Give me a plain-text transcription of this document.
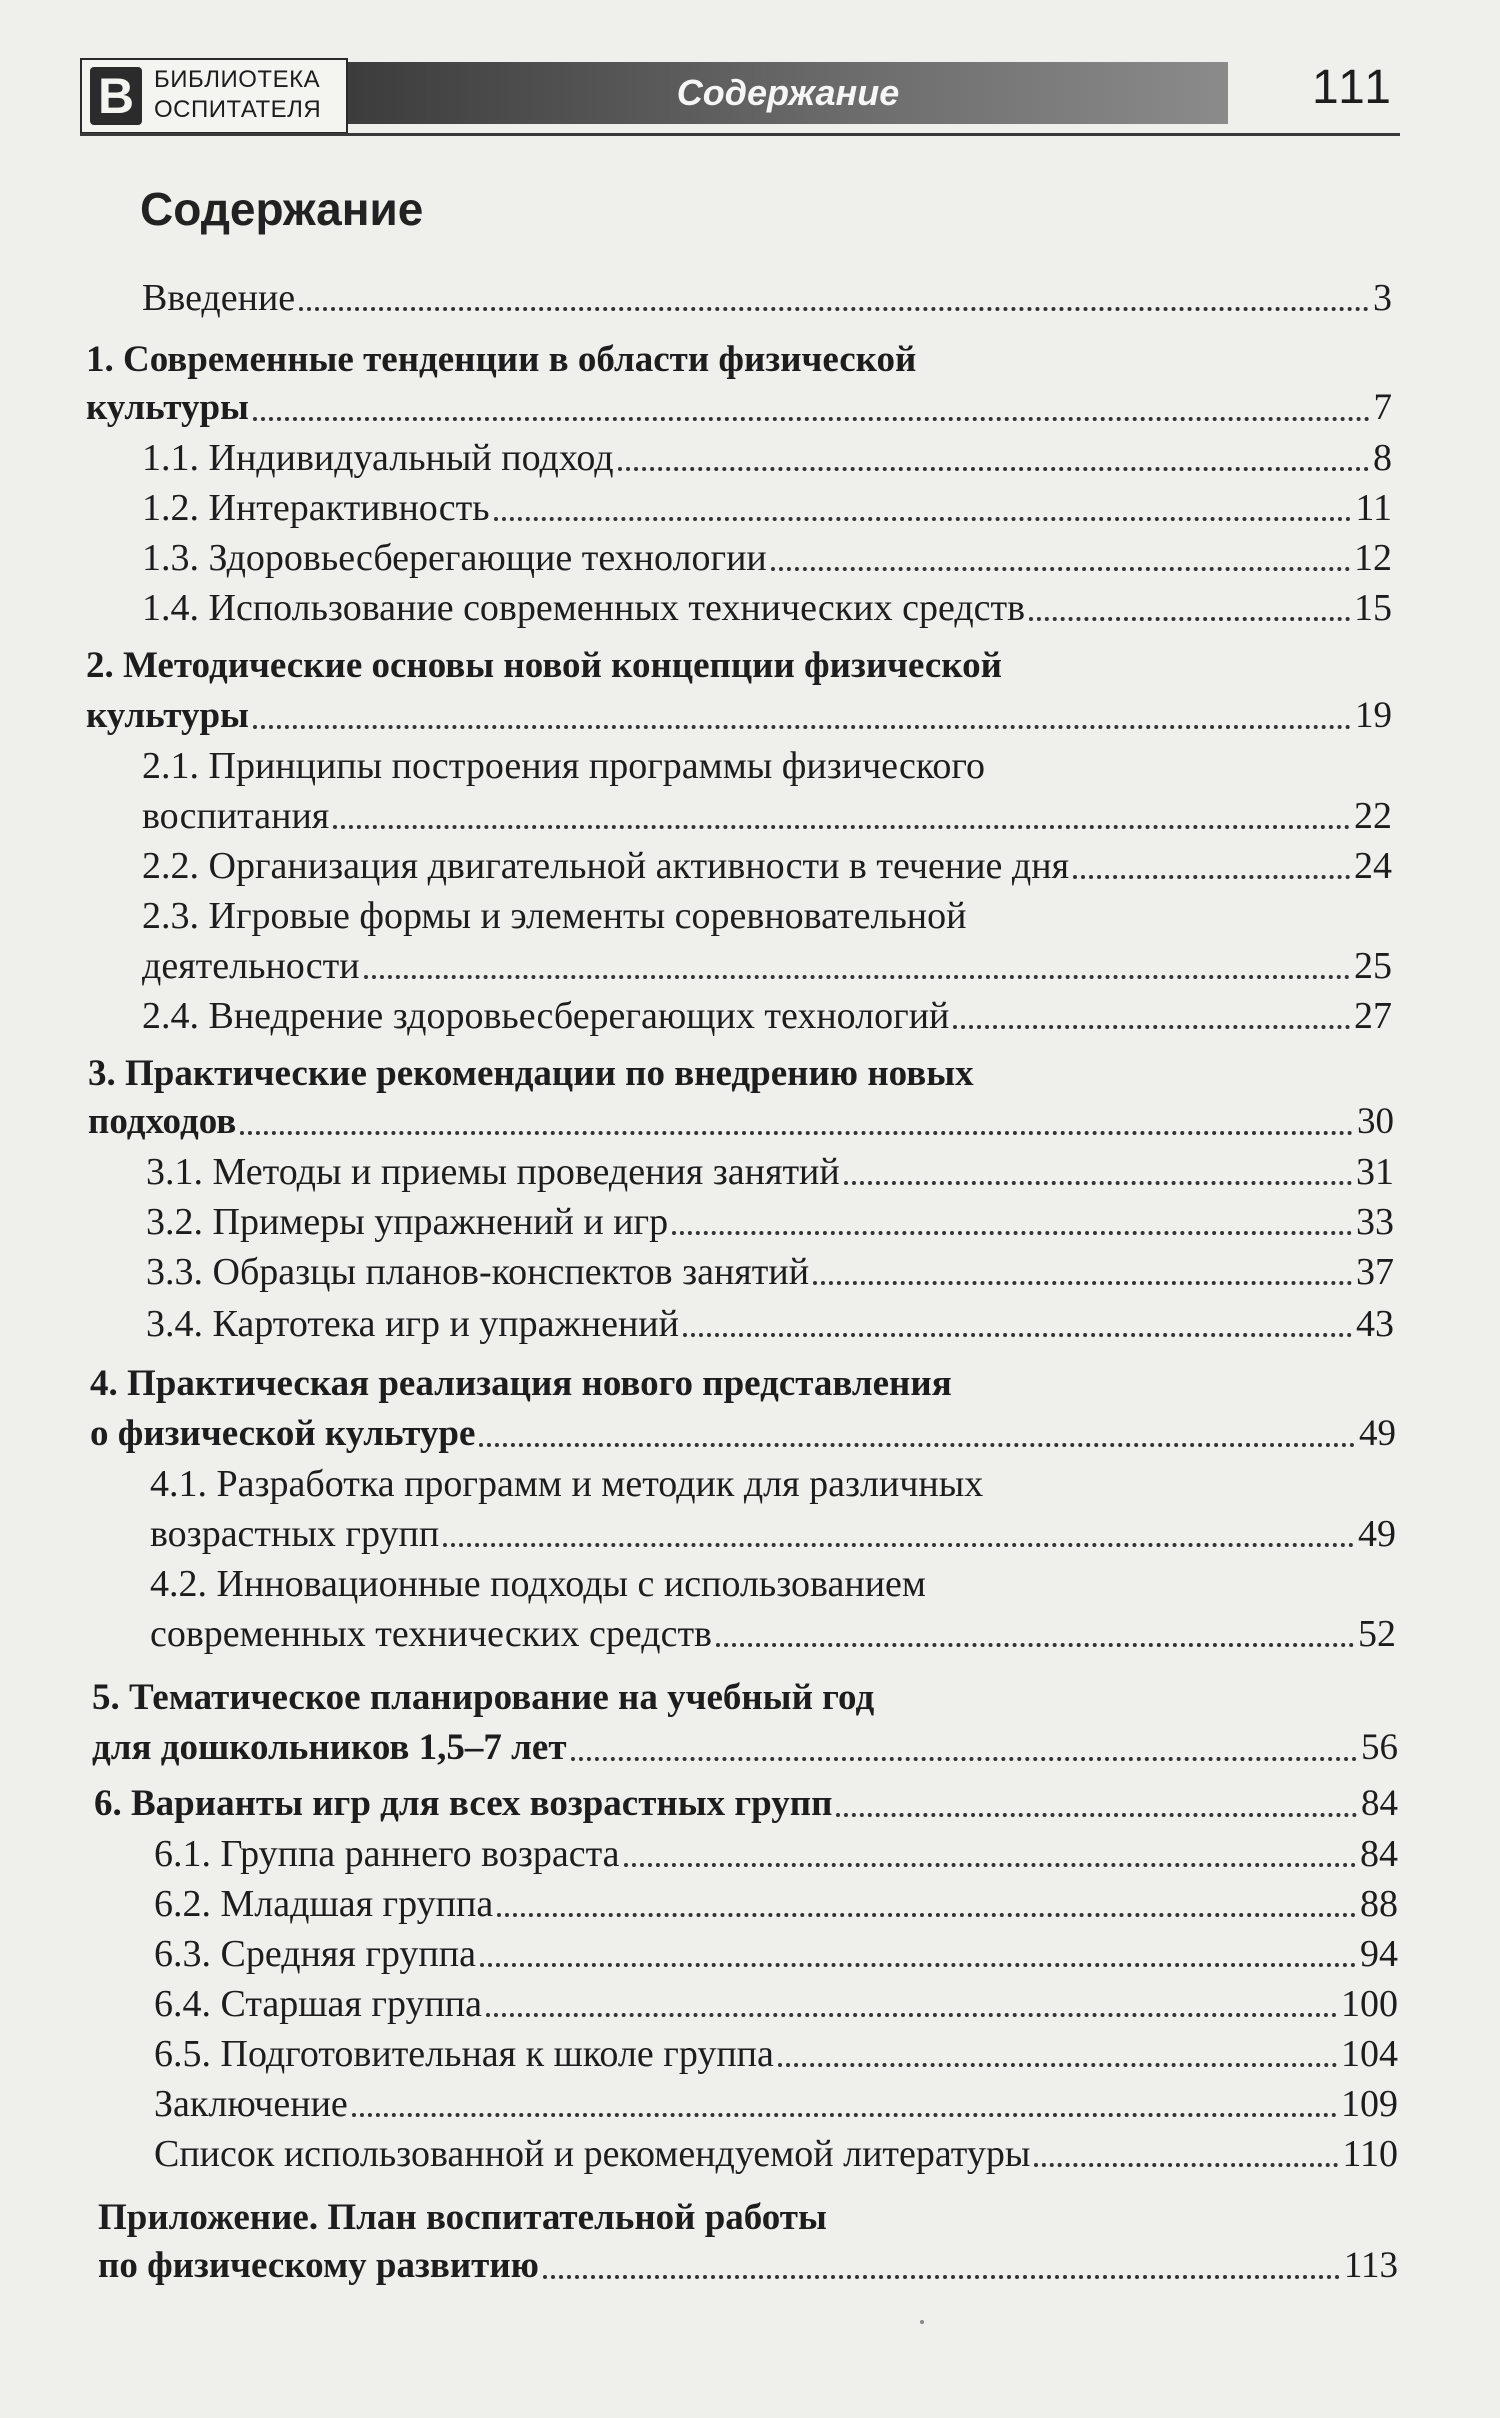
В БИБЛИОТЕКА
ОСПИТАТЕЛЯ	Содержание	111
Содержание
Введение	3
1. Современные тенденции в области физической
культуры	7
1.1. Индивидуальный подход	8
1.2. Интерактивность	11
1.3. Здоровьесберегающие технологии	12
1.4. Использование современных технических средств	15
2. Методические основы новой концепции физической
культуры	19
2.1. Принципы построения программы физического
воспитания	22
2.2. Организация двигательной активности в течение дня	24
2.3. Игровые формы и элементы соревновательной
деятельности	25
2.4. Внедрение здоровьесберегающих технологий	27
3. Практические рекомендации по внедрению новых
подходов	30
3.1. Методы и приемы проведения занятий	31
3.2. Примеры упражнений и игр	33
3.3. Образцы планов-конспектов занятий	37
3.4. Картотека игр и упражнений	43
4. Практическая реализация нового представления
о физической культуре	49
4.1. Разработка программ и методик для различных
возрастных групп	49
4.2. Инновационные подходы с использованием
современных технических средств	52
5. Тематическое планирование на учебный год
для дошкольников 1,5–7 лет	56
6. Варианты игр для всех возрастных групп	84
6.1. Группа раннего возраста	84
6.2. Младшая группа	88
6.3. Средняя группа	94
6.4. Старшая группа	100
6.5. Подготовительная к школе группа	104
Заключение	109
Список использованной и рекомендуемой литературы	110
Приложение. План воспитательной работы
по физическому развитию	113
